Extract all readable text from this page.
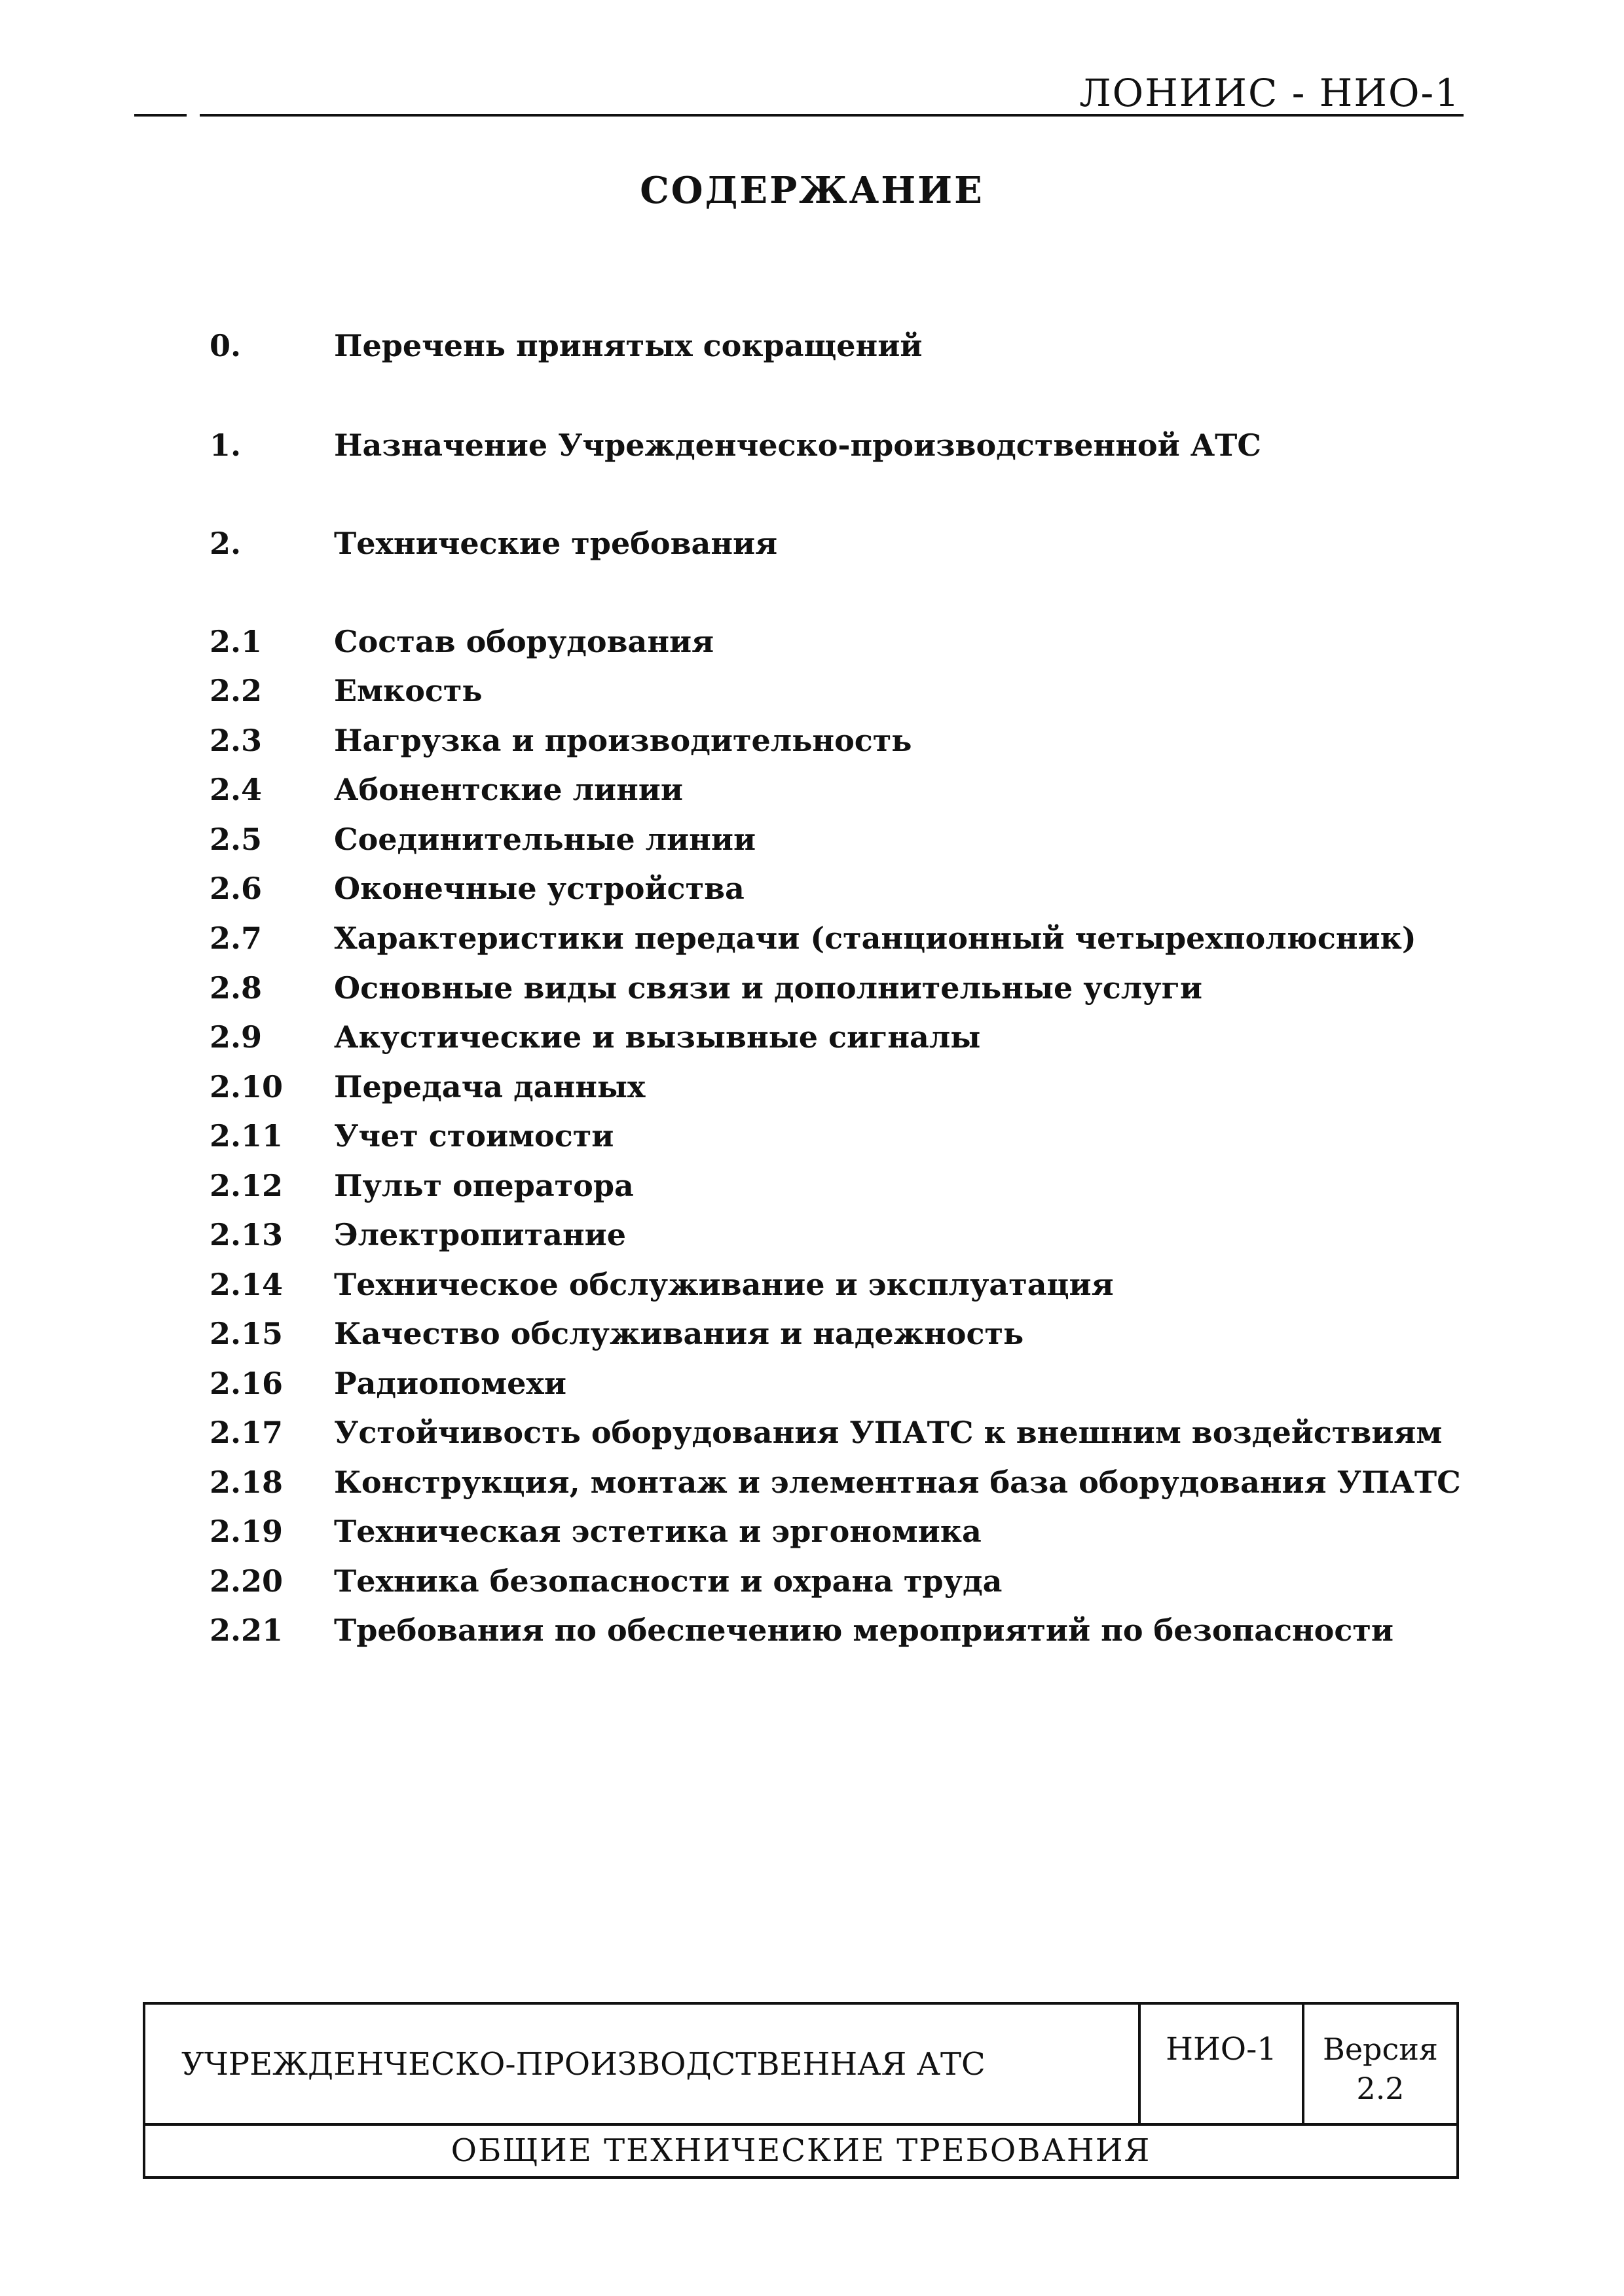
ЛОНИИС - НИО-1
СОДЕРЖАНИЕ
0.	Перечень принятых сокращений
1.	Назначение Учрежденческо-производственной АТС
2.	Технические требования
2.1	Состав оборудования
2.2	Емкость
2.3	Нагрузка и производительность
2.4	Абонентские линии
2.5	Соединительные линии
2.6	Оконечные устройства
2.7	Характеристики передачи (станционный четырехполюсник)
2.8	Основные виды связи и дополнительные услуги
2.9	Акустические и вызывные сигналы
2.10	Передача данных
2.11	Учет стоимости
2.12	Пульт оператора
2.13	Электропитание
2.14	Техническое обслуживание и эксплуатация
2.15	Качество обслуживания и надежность
2.16	Радиопомехи
2.17	Устойчивость оборудования УПАТС к внешним воздействиям
2.18	Конструкция, монтаж и элементная база оборудования УПАТС
2.19	Техническая эстетика и эргономика
2.20	Техника безопасности и охрана труда
2.21	Требования по обеспечению мероприятий по безопасности
УЧРЕЖДЕНЧЕСКО-ПРОИЗВОДСТВЕННАЯ АТС	НИО-1	Версия
2.2
ОБЩИЕ ТЕХНИЧЕСКИЕ ТРЕБОВАНИЯ
